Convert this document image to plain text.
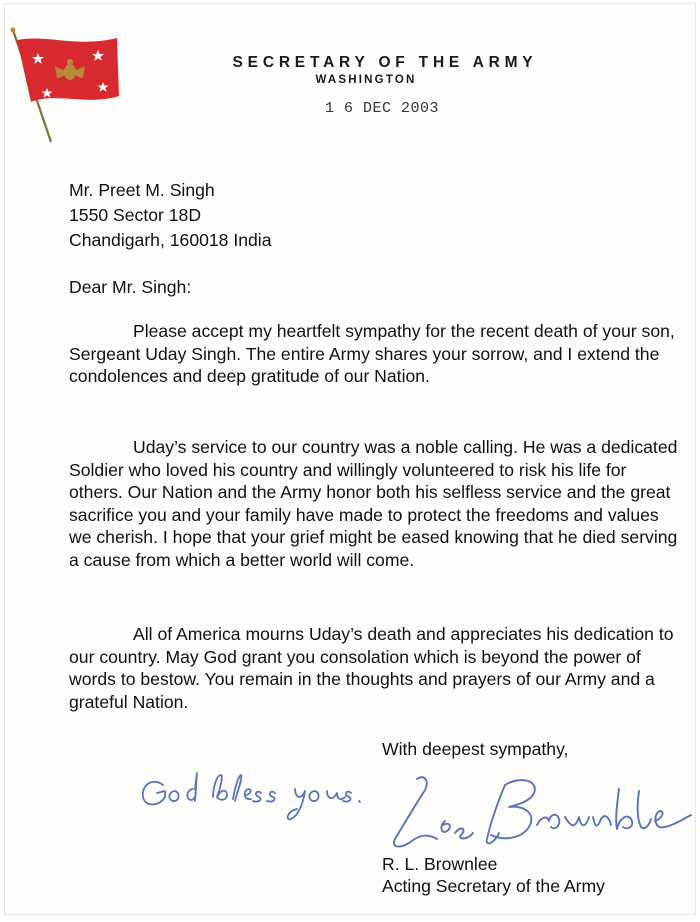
SECRETARY OF THE ARMY
WASHINGTON
1 6 DEC 2003
Mr. Preet M. Singh
1550 Sector 18D
Chandigarh, 160018 India
Dear Mr. Singh:

Please accept my heartfelt sympathy for the recent death of your son, Sergeant Uday Singh. The entire Army shares your sorrow, and I extend the condolences and deep gratitude of our Nation.

Uday’s service to our country was a noble calling. He was a dedicated Soldier who loved his country and willingly volunteered to risk his life for others. Our Nation and the Army honor both his selfless service and the great sacrifice you and your family have made to protect the freedoms and values we cherish. I hope that your grief might be eased knowing that he died serving a cause from which a better world will come.

All of America mourns Uday’s death and appreciates his dedication to our country. May God grant you consolation which is beyond the power of words to bestow. You remain in the thoughts and prayers of our Army and a grateful Nation.

With deepest sympathy,
R. L. Brownlee
Acting Secretary of the Army
